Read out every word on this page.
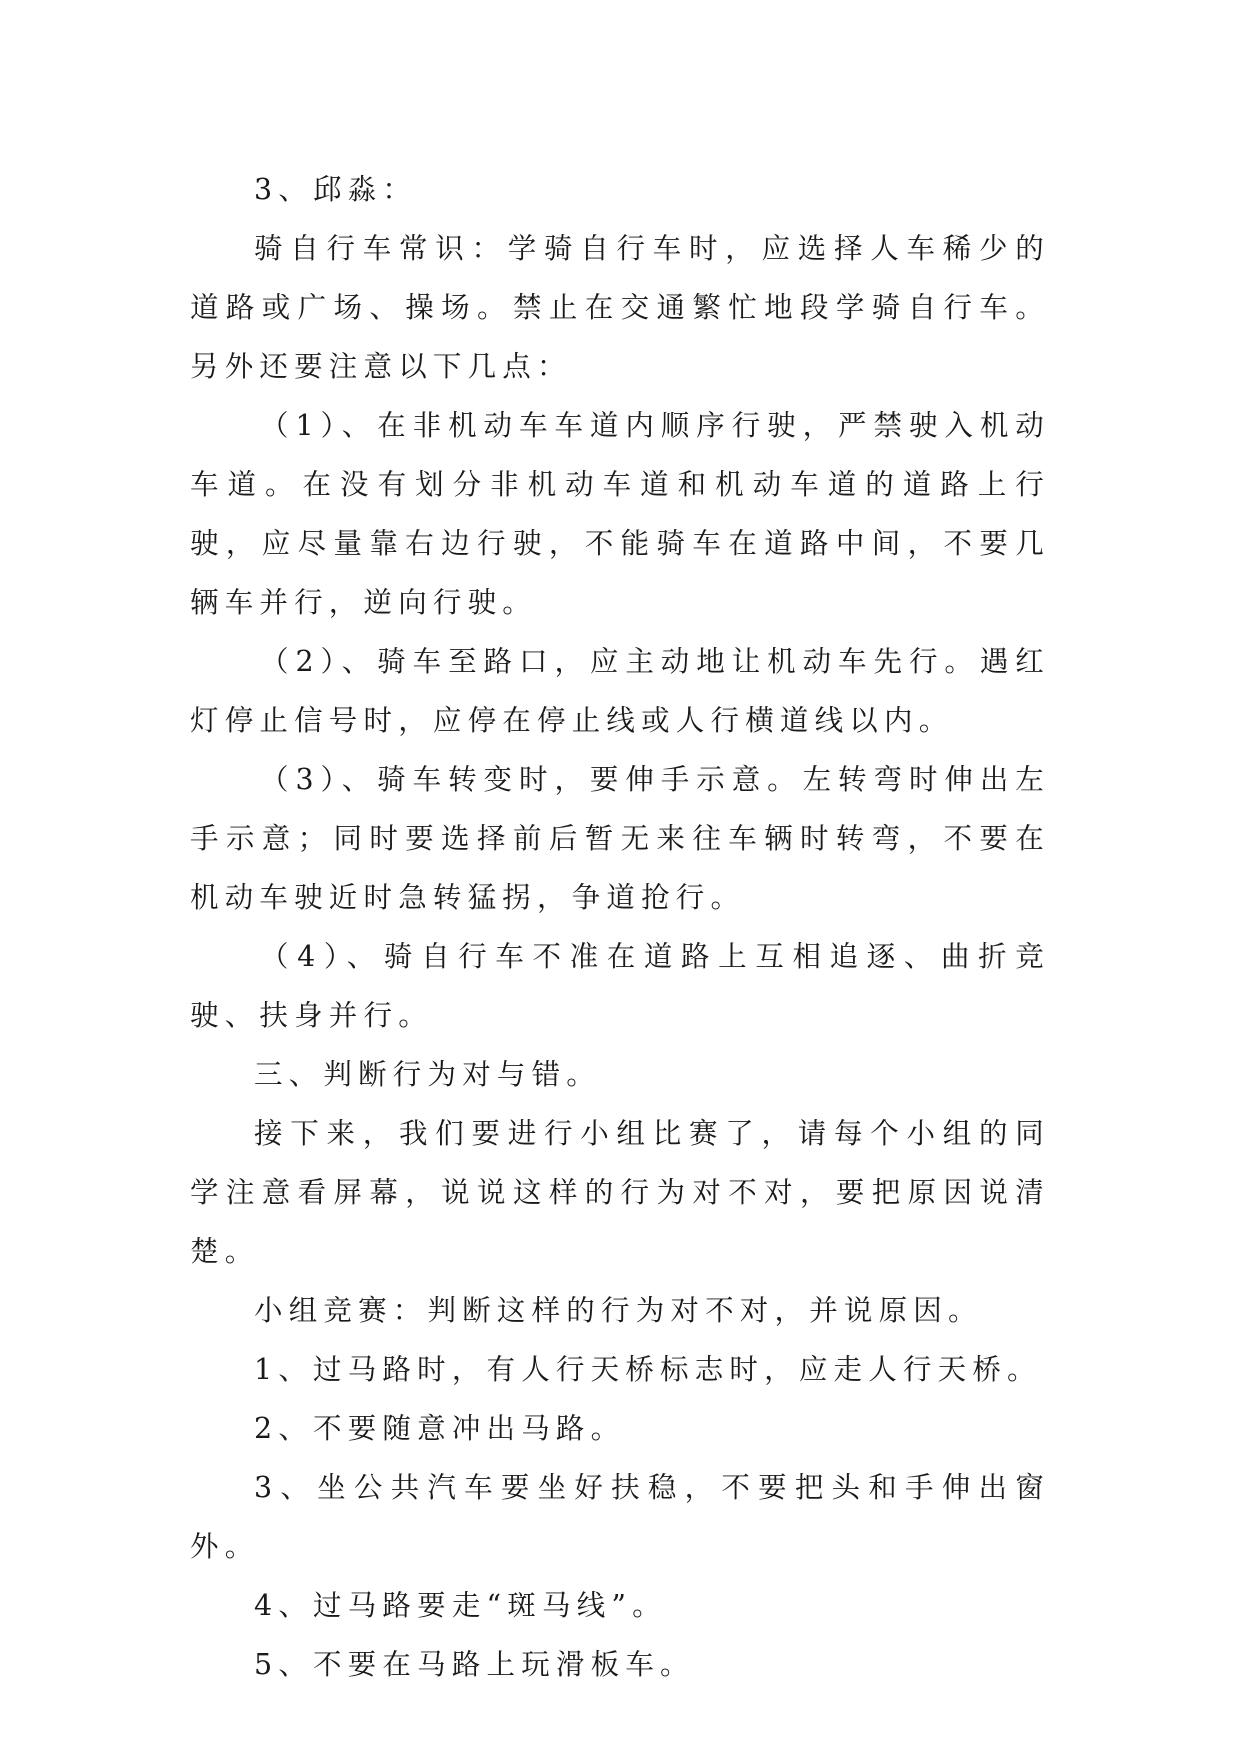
3、邱淼：

骑自行车常识：学骑自行车时，应选择人车稀少的道路或广场、操场。禁止在交通繁忙地段学骑自行车。另外还要注意以下几点：

（1）、在非机动车车道内顺序行驶，严禁驶入机动车道。在没有划分非机动车道和机动车道的道路上行驶，应尽量靠右边行驶，不能骑车在道路中间，不要几辆车并行，逆向行驶。

（2）、骑车至路口，应主动地让机动车先行。遇红灯停止信号时，应停在停止线或人行横道线以内。

（3）、骑车转变时，要伸手示意。左转弯时伸出左手示意；同时要选择前后暂无来往车辆时转弯，不要在机动车驶近时急转猛拐，争道抢行。

（4）、骑自行车不准在道路上互相追逐、曲折竞驶、扶身并行。

三、判断行为对与错。

接下来，我们要进行小组比赛了，请每个小组的同学注意看屏幕，说说这样的行为对不对，要把原因说清楚。

小组竞赛：判断这样的行为对不对，并说原因。

1、过马路时，有人行天桥标志时，应走人行天桥。

2、不要随意冲出马路。

3、坐公共汽车要坐好扶稳，不要把头和手伸出窗外。

4、过马路要走“斑马线”。

5、不要在马路上玩滑板车。
